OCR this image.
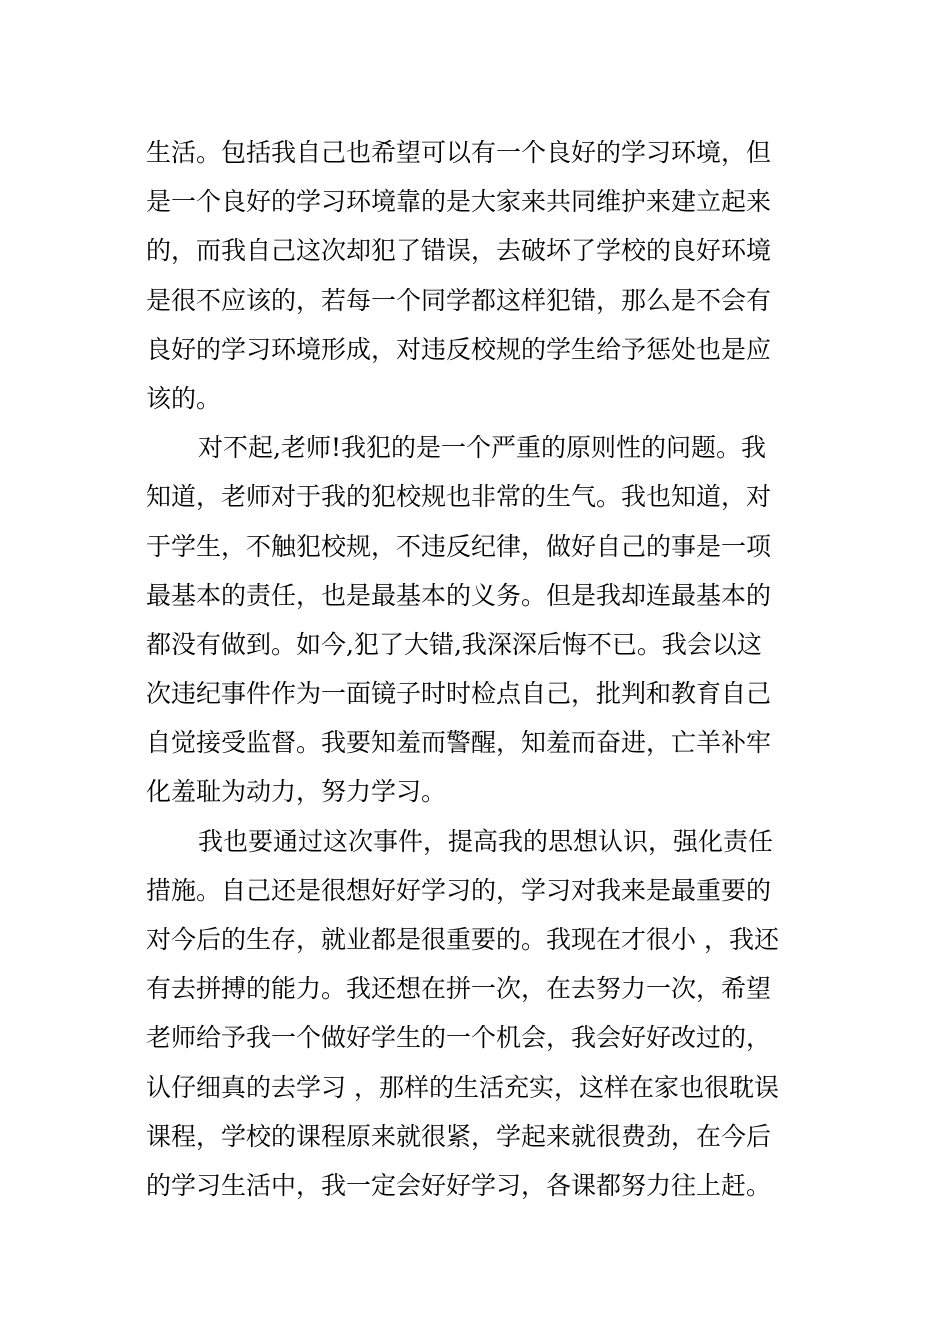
生活。包括我自己也希望可以有一个良好的学习环境，但
是一个良好的学习环境靠的是大家来共同维护来建立起来
的，而我自己这次却犯了错误，去破坏了学校的良好环境
是很不应该的，若每一个同学都这样犯错，那么是不会有
良好的学习环境形成，对违反校规的学生给予惩处也是应
该的。
对不起,老师!我犯的是一个严重的原则性的问题。我
知道，老师对于我的犯校规也非常的生气。我也知道，对
于学生，不触犯校规，不违反纪律，做好自己的事是一项
最基本的责任，也是最基本的义务。但是我却连最基本的
都没有做到。如今,犯了大错,我深深后悔不已。我会以这
次违纪事件作为一面镜子时时检点自己，批判和教育自己
自觉接受监督。我要知羞而警醒，知羞而奋进，亡羊补牢
化羞耻为动力，努力学习。
我也要通过这次事件，提高我的思想认识，强化责任
措施。自己还是很想好好学习的，学习对我来是最重要的
对今后的生存，就业都是很重要的。我现在才很小 ，我还
有去拼搏的能力。我还想在拼一次，在去努力一次，希望
老师给予我一个做好学生的一个机会，我会好好改过的，
认仔细真的去学习 ，那样的生活充实，这样在家也很耽误
课程，学校的课程原来就很紧，学起来就很费劲，在今后
的学习生活中，我一定会好好学习，各课都努力往上赶。
